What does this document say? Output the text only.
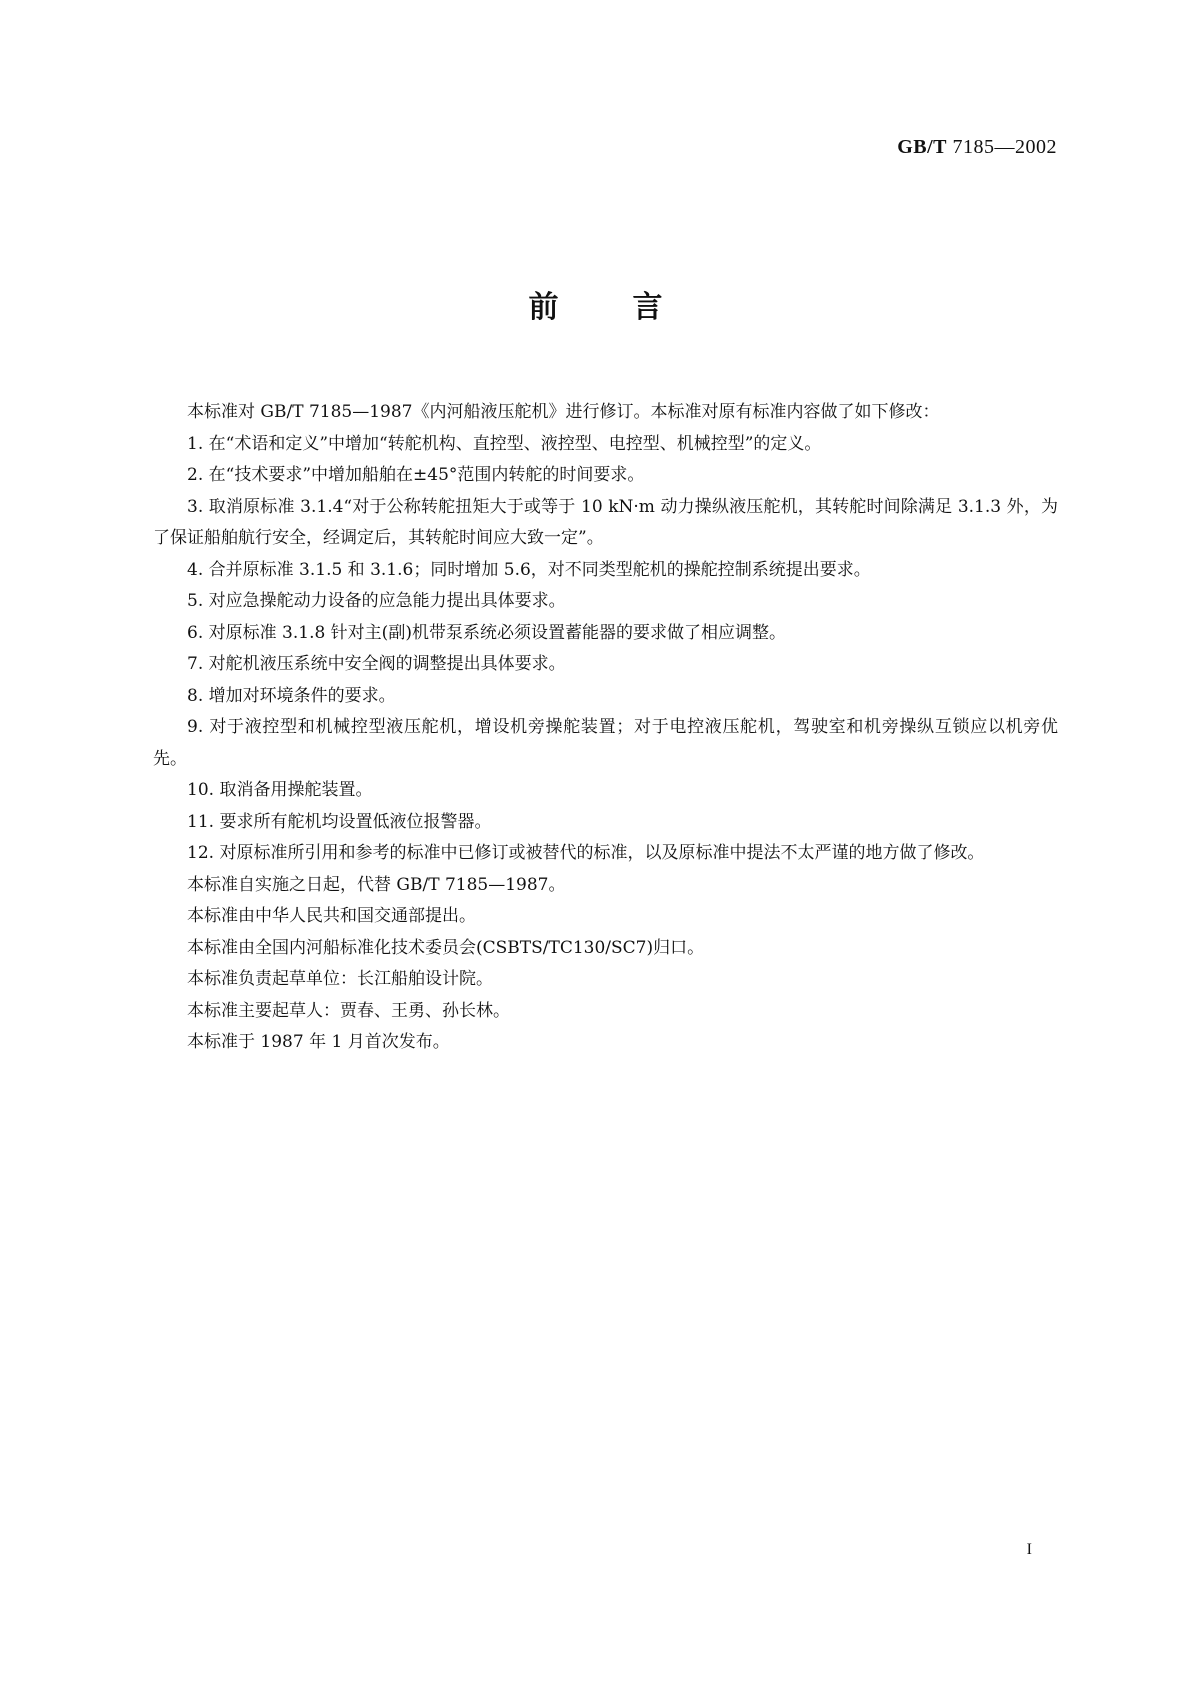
GB/T 7185—2002
前言

本标准对 GB/T 7185—1987《内河船液压舵机》进行修订。本标准对原有标准内容做了如下修改：

1. 在“术语和定义”中增加“转舵机构、直控型、液控型、电控型、机械控型”的定义。

2. 在“技术要求”中增加船舶在±45°范围内转舵的时间要求。

3. 取消原标准 3.1.4“对于公称转舵扭矩大于或等于 10 kN·m 动力操纵液压舵机，其转舵时间除满足 3.1.3 外，为了保证船舶航行安全，经调定后，其转舵时间应大致一定”。

4. 合并原标准 3.1.5 和 3.1.6；同时增加 5.6，对不同类型舵机的操舵控制系统提出要求。

5. 对应急操舵动力设备的应急能力提出具体要求。

6. 对原标准 3.1.8 针对主(副)机带泵系统必须设置蓄能器的要求做了相应调整。

7. 对舵机液压系统中安全阀的调整提出具体要求。

8. 增加对环境条件的要求。

9. 对于液控型和机械控型液压舵机，增设机旁操舵装置；对于电控液压舵机，驾驶室和机旁操纵互锁应以机旁优先。

10. 取消备用操舵装置。

11. 要求所有舵机均设置低液位报警器。

12. 对原标准所引用和参考的标准中已修订或被替代的标准，以及原标准中提法不太严谨的地方做了修改。

本标准自实施之日起，代替 GB/T 7185—1987。

本标准由中华人民共和国交通部提出。

本标准由全国内河船标准化技术委员会(CSBTS/TC130/SC7)归口。

本标准负责起草单位：长江船舶设计院。

本标准主要起草人：贾春、王勇、孙长林。

本标准于 1987 年 1 月首次发布。

I
